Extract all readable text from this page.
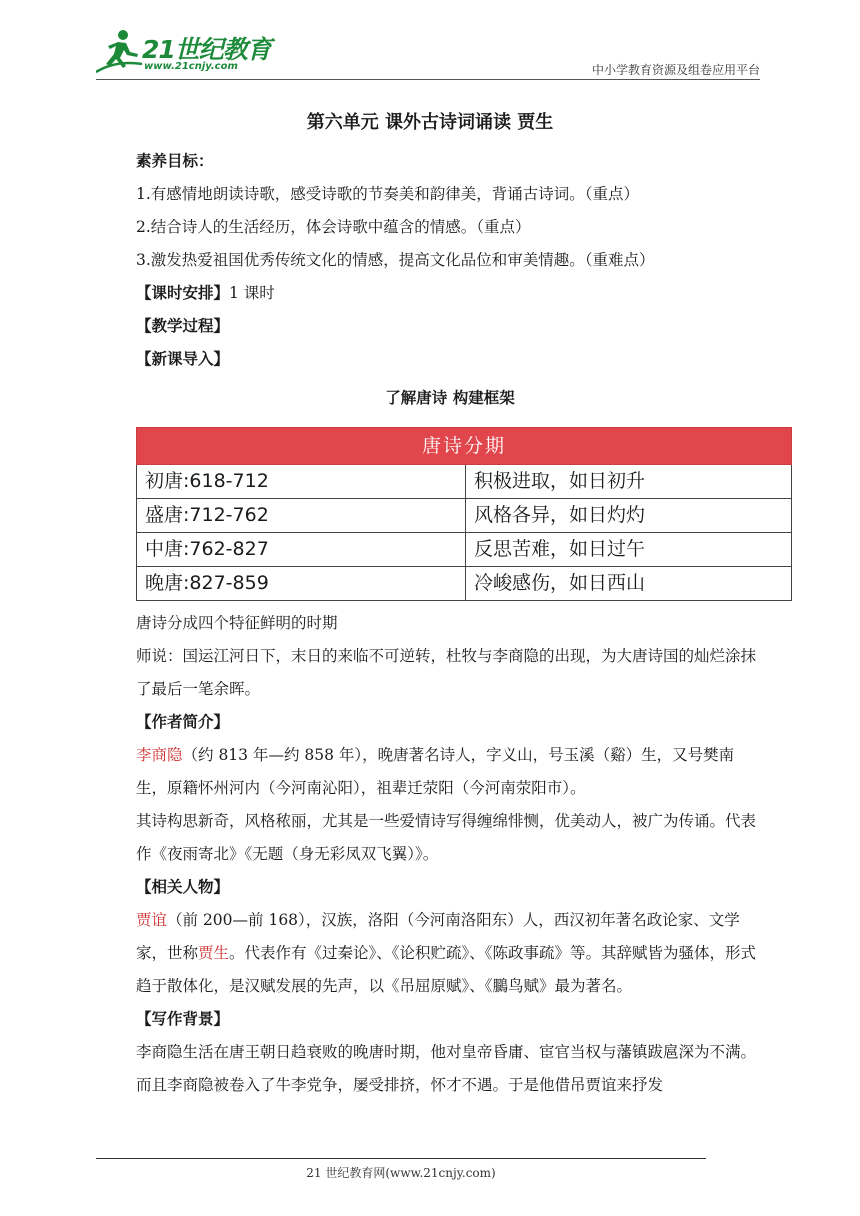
21世纪教育
www.21cnjy.com	中小学教育资源及组卷应用平台
第六单元 课外古诗词诵读 贾生

素养目标：

1.有感情地朗读诗歌，感受诗歌的节奏美和韵律美，背诵古诗词。（重点）

2.结合诗人的生活经历，体会诗歌中蕴含的情感。（重点）

3.激发热爱祖国优秀传统文化的情感，提高文化品位和审美情趣。（重难点）

【课时安排】1 课时

【教学过程】

【新课导入】

了解唐诗 构建框架

唐诗分期	
初唐:618-712	积极进取，如日初升
盛唐:712-762	风格各异，如日灼灼
中唐:762-827	反思苦难，如日过午
晚唐:827-859	冷峻感伤，如日西山

唐诗分成四个特征鲜明的时期

师说：国运江河日下，末日的来临不可逆转，杜牧与李商隐的出现，为大唐诗国的灿烂涂抹了最后一笔余晖。

【作者简介】

李商隐（约 813 年—约 858 年），晚唐著名诗人，字义山，号玉溪（谿）生，又号樊南生，原籍怀州河内（今河南沁阳），祖辈迁荥阳（今河南荥阳市）。

其诗构思新奇，风格秾丽，尤其是一些爱情诗写得缠绵悱恻，优美动人，被广为传诵。代表作《夜雨寄北》《无题（身无彩凤双飞翼）》。

【相关人物】

贾谊（前 200—前 168），汉族，洛阳（今河南洛阳东）人，西汉初年著名政论家、文学家，世称贾生。代表作有《过秦论》、《论积贮疏》、《陈政事疏》等。其辞赋皆为骚体，形式趋于散体化，是汉赋发展的先声，以《吊屈原赋》、《鵩鸟赋》最为著名。

【写作背景】

李商隐生活在唐王朝日趋衰败的晚唐时期，他对皇帝昏庸、宦官当权与藩镇跋扈深为不满。而且李商隐被卷入了牛李党争，屡受排挤，怀才不遇。于是他借吊贾谊来抒发

21 世纪教育网(www.21cnjy.com)
